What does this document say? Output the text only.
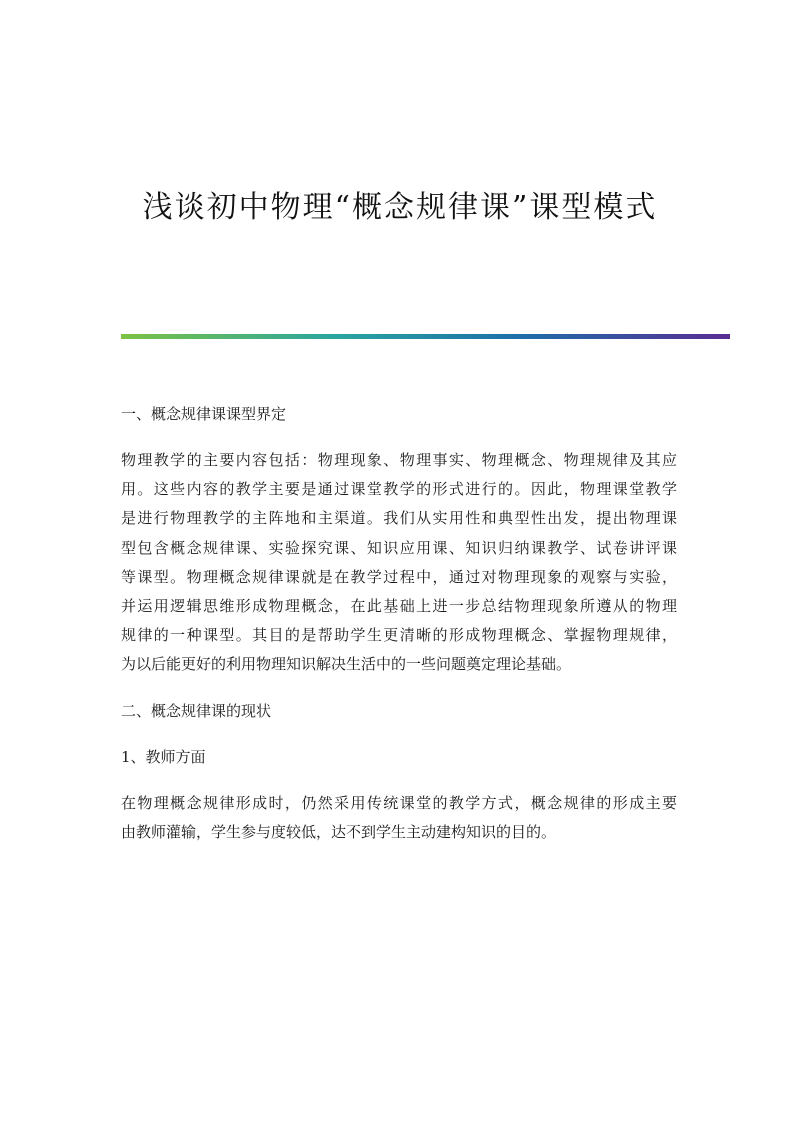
浅谈初中物理“概念规律课”课型模式
一、概念规律课课型界定
物理教学的主要内容包括：物理现象、物理事实、物理概念、物理规律及其应
用。这些内容的教学主要是通过课堂教学的形式进行的。因此，物理课堂教学
是进行物理教学的主阵地和主渠道。我们从实用性和典型性出发，提出物理课
型包含概念规律课、实验探究课、知识应用课、知识归纳课教学、试卷讲评课
等课型。物理概念规律课就是在教学过程中，通过对物理现象的观察与实验，
并运用逻辑思维形成物理概念，在此基础上进一步总结物理现象所遵从的物理
规律的一种课型。其目的是帮助学生更清晰的形成物理概念、掌握物理规律，
为以后能更好的利用物理知识解决生活中的一些问题奠定理论基础。
二、概念规律课的现状
1、教师方面
在物理概念规律形成时，仍然采用传统课堂的教学方式，概念规律的形成主要
由教师灌输，学生参与度较低，达不到学生主动建构知识的目的。
